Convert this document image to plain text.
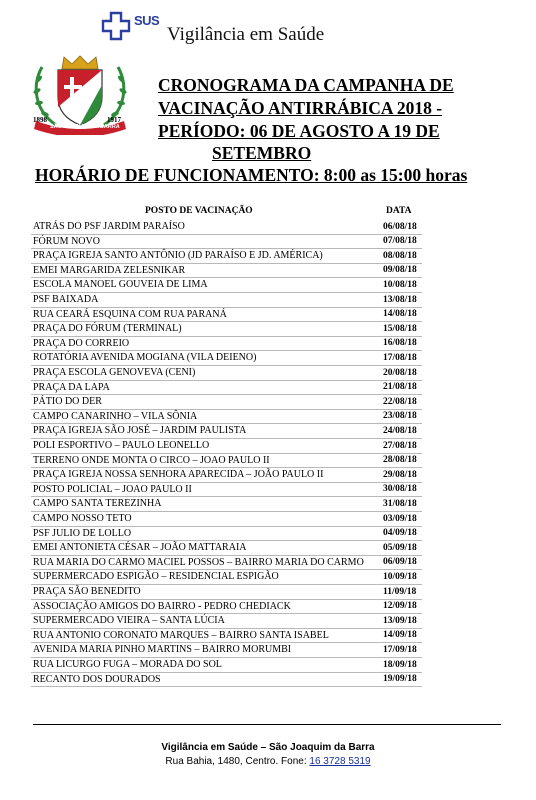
SUS
Vigilância em Saúde
1898	1917
SÃO JOAQUIM DA BARRA
CRONOGRAMA DA CAMPANHA DE
VACINAÇÃO ANTIRRÁBICA 2018 -
PERÍODO: 06 DE AGOSTO A 19 DE
SETEMBRO
HORÁRIO DE FUNCIONAMENTO: 8:00 as 15:00 horas
POSTO DE VACINAÇÃO	DATA
ATRÁS DO PSF JARDIM PARAÍSO	06/08/18
FÓRUM NOVO	07/08/18
PRAÇA IGREJA SANTO ANTÔNIO (JD PARAÍSO E JD. AMÉRICA)	08/08/18
EMEI MARGARIDA ZELESNIKAR	09/08/18
ESCOLA MANOEL GOUVEIA DE LIMA	10/08/18
PSF BAIXADA	13/08/18
RUA CEARÁ ESQUINA COM RUA PARANÁ	14/08/18
PRAÇA DO FÓRUM (TERMINAL)	15/08/18
PRAÇA DO CORREIO	16/08/18
ROTATÓRIA AVENIDA MOGIANA (VILA DEIENO)	17/08/18
PRAÇA ESCOLA GENOVEVA (CENI)	20/08/18
PRAÇA DA LAPA	21/08/18
PÁTIO DO DER	22/08/18
CAMPO CANARINHO – VILA SÔNIA	23/08/18
PRAÇA IGREJA SÃO JOSÉ – JARDIM PAULISTA	24/08/18
POLI ESPORTIVO – PAULO LEONELLO	27/08/18
TERRENO ONDE MONTA O CIRCO – JOAO PAULO II	28/08/18
PRAÇA IGREJA NOSSA SENHORA APARECIDA – JOÃO PAULO II	29/08/18
POSTO POLICIAL – JOAO PAULO II	30/08/18
CAMPO SANTA TEREZINHA	31/08/18
CAMPO NOSSO TETO	03/09/18
PSF JULIO DE LOLLO	04/09/18
EMEI ANTONIETA CÉSAR – JOÃO MATTARAIA	05/09/18
RUA MARIA DO CARMO MACIEL POSSOS – BAIRRO MARIA DO CARMO 06/09/18
SUPERMERCADO ESPIGÃO – RESIDENCIAL ESPIGÃO	10/09/18
PRAÇA SÃO BENEDITO	11/09/18
ASSOCIAÇÃO AMIGOS DO BAIRRO - PEDRO CHEDIACK	12/09/18
SUPERMERCADO VIEIRA – SANTA LÚCIA	13/09/18
RUA ANTONIO CORONATO MARQUES – BAIRRO SANTA ISABEL	14/09/18
AVENIDA MARIA PINHO MARTINS – BAIRRO MORUMBI	17/09/18
RUA LICURGO FUGA – MORADA DO SOL	18/09/18
RECANTO DOS DOURADOS	19/09/18
Vigilância em Saúde – São Joaquim da Barra
Rua Bahia, 1480, Centro. Fone: 16 3728 5319
